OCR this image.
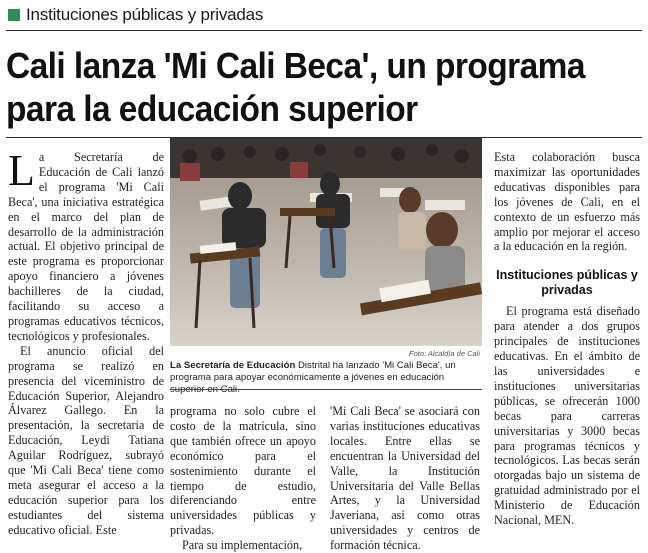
Instituciones públicas y privadas
Cali lanza 'Mi Cali Beca', un programa para la educación superior
L a Secretaría de Educación de Cali lanzó el programa 'Mi Cali Beca', una iniciativa estratégica en el marco del plan de desarrollo de la administración actual. El objetivo principal de este programa es proporcionar apoyo financiero a jóvenes bachilleres de la ciudad, facilitando su acceso a programas educativos técnicos, tecnológicos y profesionales.

El anuncio oficial del programa se realizó en presencia del viceministro de Educación Superior, Alejandro Álvarez Gallego. En la presentación, la secretaria de Educación, Leydi Tatiana Aguilar Rodríguez, subrayó que 'Mi Cali Beca' tiene como meta asegurar el acceso a la educación superior para los estudiantes del sistema educativo oficial. Este

Foto: Alcaldía de Cali

La Secretaría de Educación Distrital ha lanzado 'Mi Cali Beca', un programa para apoyar económicamente a jóvenes en educación

programa no solo cubre el costo de la matrícula, sino que también ofrece un apoyo económico para el sostenimiento durante el tiempo de estudio, diferenciando entre universidades públicas y privadas.

Para su implementación,

'Mi Cali Beca' se asociará con varias instituciones educativas locales. Entre ellas se encuentran la Universidad del Valle, la Institución Universitaria del Valle Bellas Artes, y la Universidad Javeriana, así como otras universidades y centros de formación técnica.

Esta colaboración busca maximizar las oportunidades educativas disponibles para los jóvenes de Cali, en el contexto de un esfuerzo más amplio por mejorar el acceso a la educación en la región.

Instituciones públicas y privadas

El programa está diseñado para atender a dos grupos principales de instituciones educativas. En el ámbito de las universidades e instituciones universitarias públicas, se ofrecerán 1000 becas para carreras universitarias y 3000 becas para programas técnicos y tecnológicos. Las becas serán otorgadas bajo un sistema de gratuidad administrado por el Ministerio de Educación Nacional, MEN.
